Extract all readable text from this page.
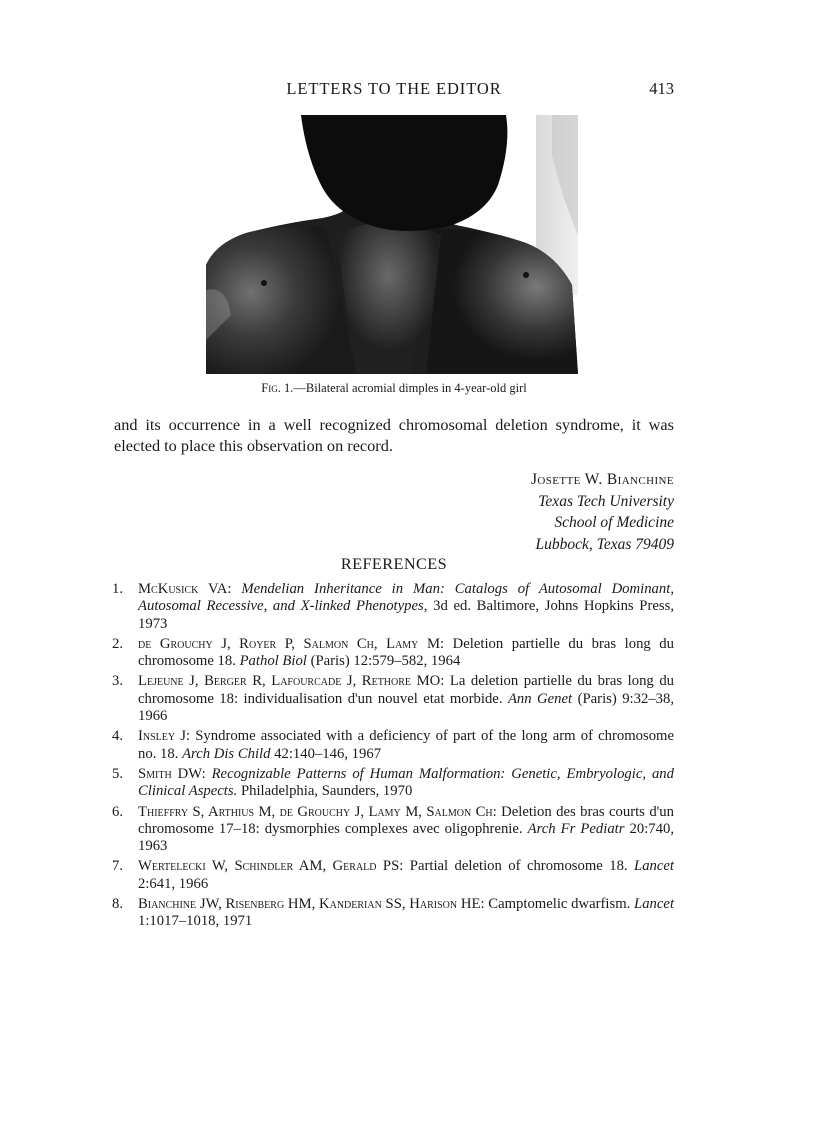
LETTERS TO THE EDITOR	413
Fig. 1.—Bilateral acromial dimples in 4-year-old girl

and its occurrence in a well recognized chromosomal deletion syndrome, it was elected to place this observation on record.

Josette W. Bianchine
Texas Tech University
School of Medicine
Lubbock, Texas 79409
REFERENCES
1. McKusick VA: Mendelian Inheritance in Man: Catalogs of Autosomal Dominant, Autosomal Recessive, and X-linked Phenotypes, 3d ed. Baltimore, Johns Hopkins Press, 1973
2. de Grouchy J, Royer P, Salmon Ch, Lamy M: Deletion partielle du bras long du chromosome 18. Pathol Biol (Paris) 12:579–582, 1964
3. Lejeune J, Berger R, Lafourcade J, Rethore MO: La deletion partielle du bras long du chromosome 18: individualisation d'un nouvel etat morbide. Ann Genet (Paris) 9:32–38, 1966
4. Insley J: Syndrome associated with a deficiency of part of the long arm of chromosome no. 18. Arch Dis Child 42:140–146, 1967
5. Smith DW: Recognizable Patterns of Human Malformation: Genetic, Embryologic, and Clinical Aspects. Philadelphia, Saunders, 1970
6. Thieffry S, Arthius M, de Grouchy J, Lamy M, Salmon Ch: Deletion des bras courts d'un chromosome 17–18: dysmorphies complexes avec oligophrenie. Arch Fr Pediatr 20:740, 1963
7. Wertelecki W, Schindler AM, Gerald PS: Partial deletion of chromosome 18. Lancet 2:641, 1966
8. Bianchine JW, Risenberg HM, Kanderian SS, Harison HE: Camptomelic dwarfism. Lancet 1:1017–1018, 1971
